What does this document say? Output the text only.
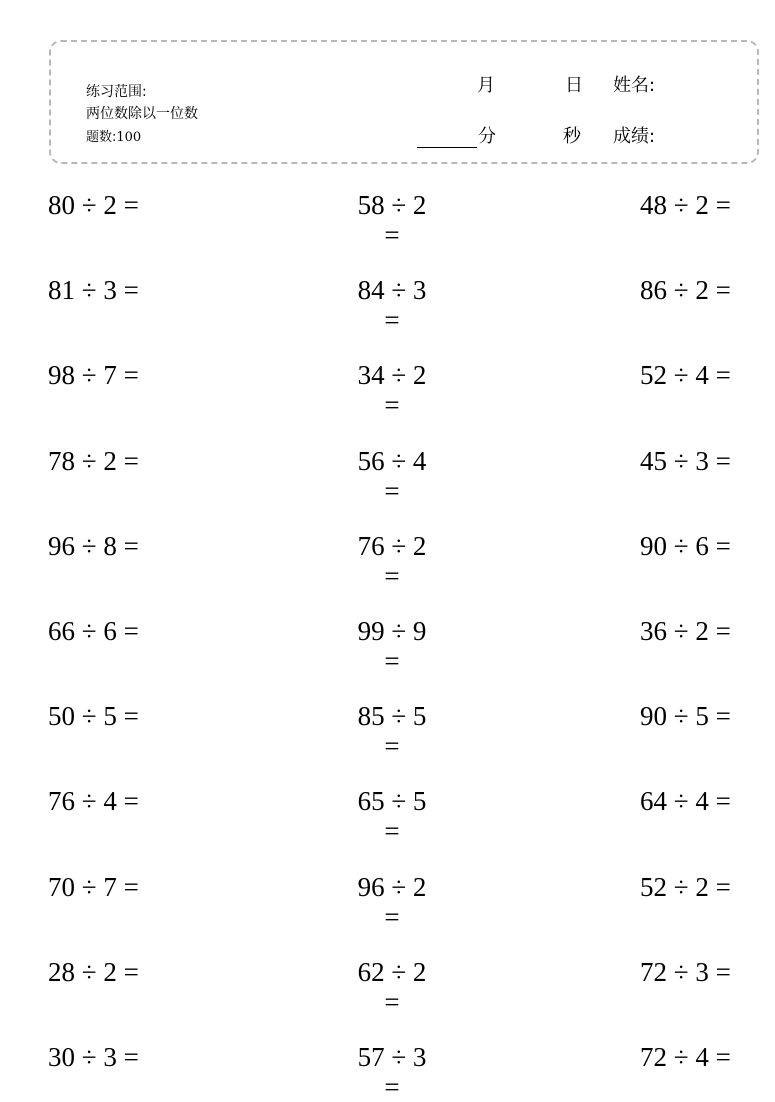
练习范围:
两位数除以一位数
题数:100
月	日 姓名:
分	秒 成绩:
80 ÷ 2 =
81 ÷ 3 =
98 ÷ 7 =
78 ÷ 2 =
96 ÷ 8 =
66 ÷ 6 =
50 ÷ 5 =
76 ÷ 4 =
70 ÷ 7 =
28 ÷ 2 =
30 ÷ 3 =
58 ÷ 2 =
84 ÷ 3 =
34 ÷ 2 =
56 ÷ 4 =
76 ÷ 2 =
99 ÷ 9 =
85 ÷ 5 =
65 ÷ 5 =
96 ÷ 2 =
62 ÷ 2 =
57 ÷ 3 =
48 ÷ 2 =
86 ÷ 2 =
52 ÷ 4 =
45 ÷ 3 =
90 ÷ 6 =
36 ÷ 2 =
90 ÷ 5 =
64 ÷ 4 =
52 ÷ 2 =
72 ÷ 3 =
72 ÷ 4 =
